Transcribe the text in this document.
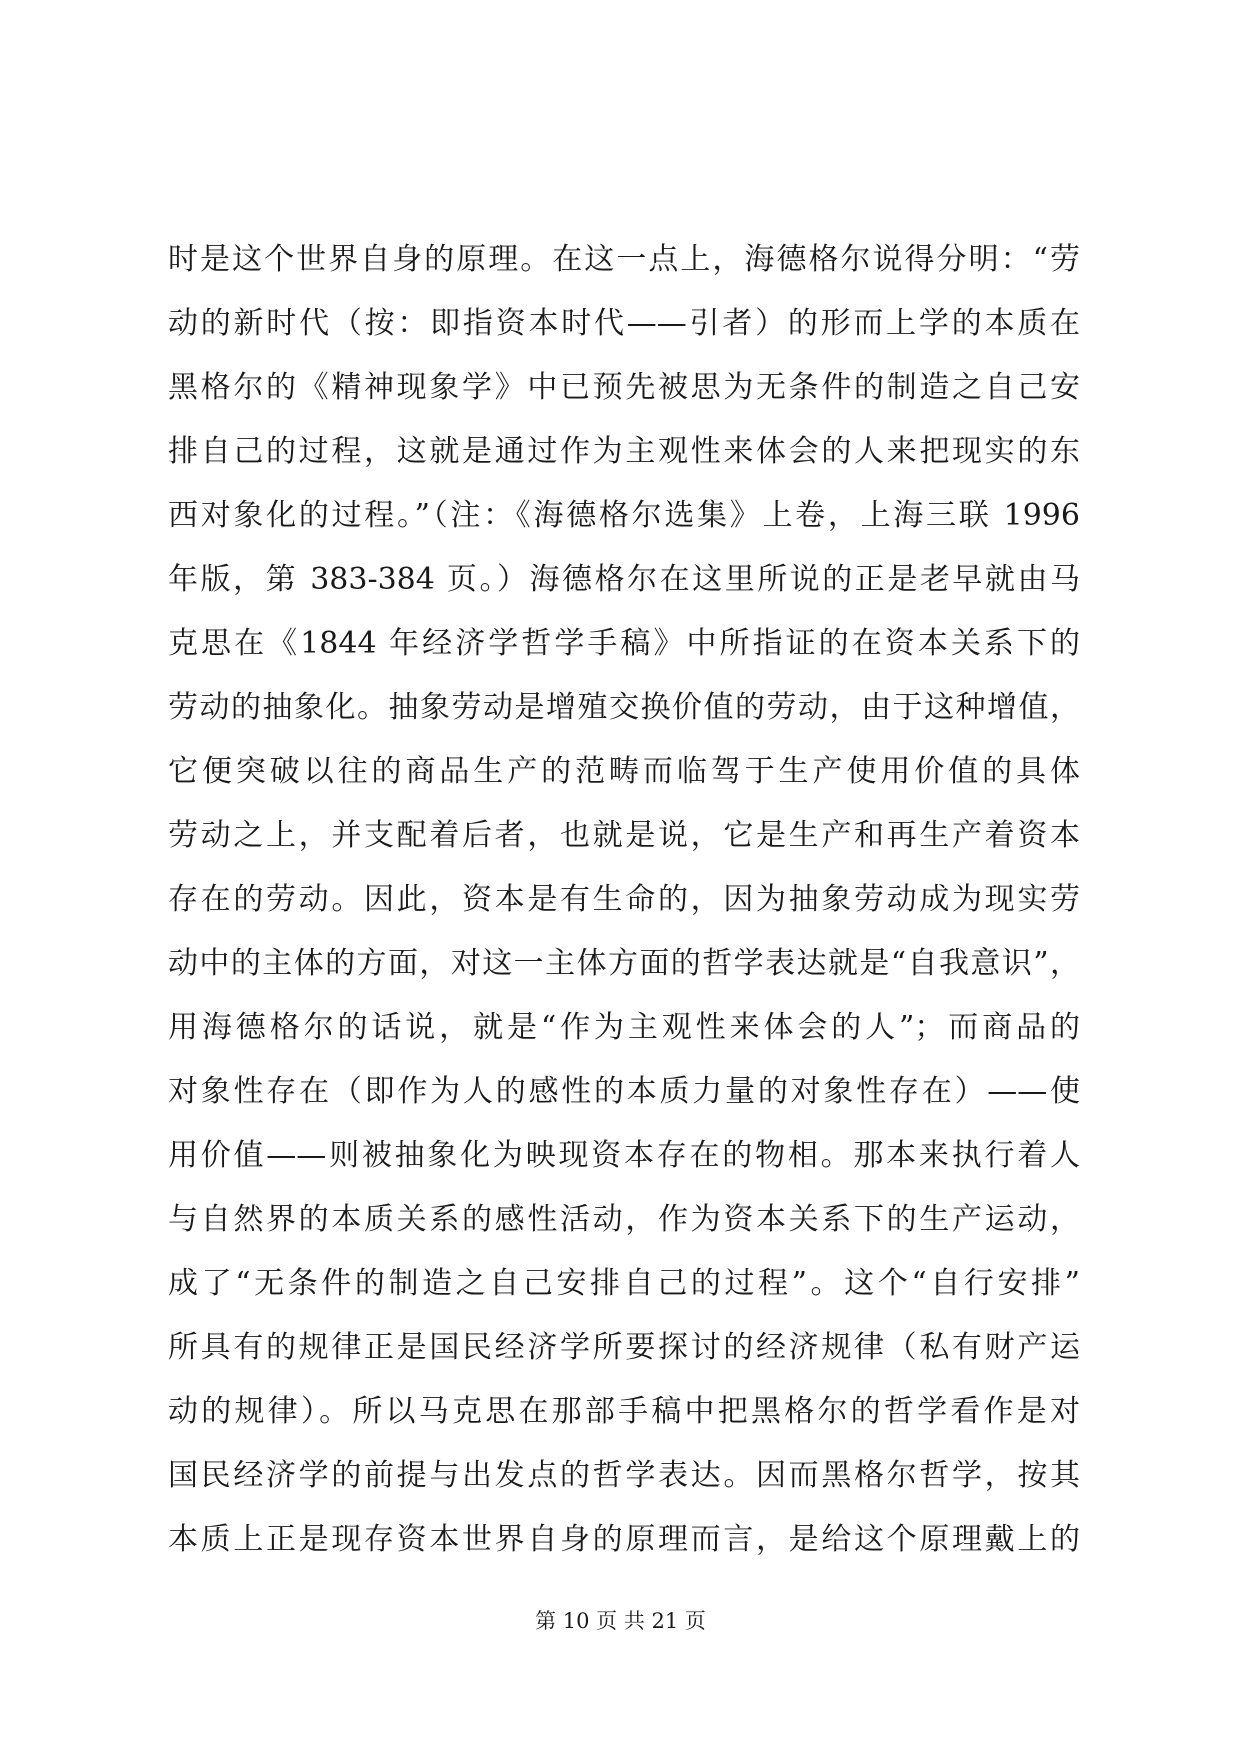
时是这个世界自身的原理。在这一点上，海德格尔说得分明：“劳
动的新时代（按：即指资本时代——引者）的形而上学的本质在
黑格尔的《精神现象学》中已预先被思为无条件的制造之自己安
排自己的过程，这就是通过作为主观性来体会的人来把现实的东
西对象化的过程。”（注：《海德格尔选集》上卷，上海三联 1996
年版，第 383-384 页。）海德格尔在这里所说的正是老早就由马
克思在《1844 年经济学哲学手稿》中所指证的在资本关系下的
劳动的抽象化。抽象劳动是增殖交换价值的劳动，由于这种增值，
它便突破以往的商品生产的范畴而临驾于生产使用价值的具体
劳动之上，并支配着后者，也就是说，它是生产和再生产着资本
存在的劳动。因此，资本是有生命的，因为抽象劳动成为现实劳
动中的主体的方面，对这一主体方面的哲学表达就是“自我意识”，
用海德格尔的话说，就是“作为主观性来体会的人”；而商品的
对象性存在（即作为人的感性的本质力量的对象性存在）——使
用价值——则被抽象化为映现资本存在的物相。那本来执行着人
与自然界的本质关系的感性活动，作为资本关系下的生产运动，
成了“无条件的制造之自己安排自己的过程”。这个“自行安排”
所具有的规律正是国民经济学所要探讨的经济规律（私有财产运
动的规律）。所以马克思在那部手稿中把黑格尔的哲学看作是对
国民经济学的前提与出发点的哲学表达。因而黑格尔哲学，按其
本质上正是现存资本世界自身的原理而言，是给这个原理戴上的
第 10 页 共 21 页
